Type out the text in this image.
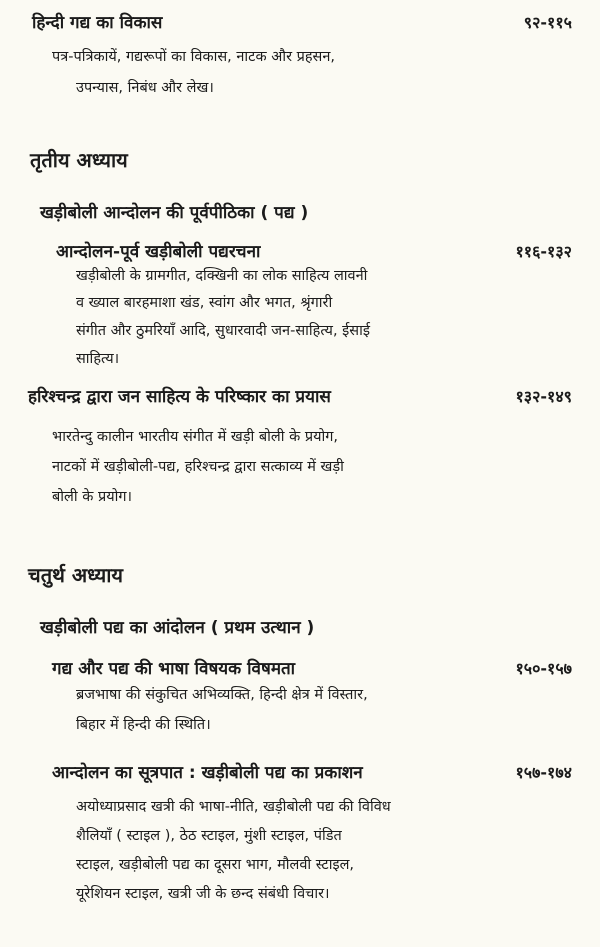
हिन्दी गद्य का विकास	९२-११५
पत्र-पत्रिकायें, गद्यरूपों का विकास, नाटक और प्रहसन,
उपन्यास, निबंध और लेख।
तृतीय अध्याय
खड़ीबोली आन्दोलन की पूर्वपीठिका ( पद्य )
आन्दोलन-पूर्व खड़ीबोली पद्यरचना	११६-१३२
खड़ीबोली के ग्रामगीत, दक्खिनी का लोक साहित्य लावनी
व ख्याल बारहमाशा खंड, स्वांग और भगत, श्रृंगारी
संगीत और ठुमरियाँ आदि, सुधारवादी जन-साहित्य, ईसाई
साहित्य।
हरिश्चन्द्र द्वारा जन साहित्य के परिष्कार का प्रयास	१३२-१४९
भारतेन्दु कालीन भारतीय संगीत में खड़ी बोली के प्रयोग,
नाटकों में खड़ीबोली-पद्य, हरिश्चन्द्र द्वारा सत्काव्य में खड़ी
बोली के प्रयोग।
चतुर्थ अध्याय
खड़ीबोली पद्य का आंदोलन ( प्रथम उत्थान )
गद्य और पद्य की भाषा विषयक विषमता	१५०-१५७
ब्रजभाषा की संकुचित अभिव्यक्ति, हिन्दी क्षेत्र में विस्तार,
बिहार में हिन्दी की स्थिति।
आन्दोलन का सूत्रपात : खड़ीबोली पद्य का प्रकाशन	१५७-१७४
अयोध्याप्रसाद खत्री की भाषा-नीति, खड़ीबोली पद्य की विविध
शैलियाँ ( स्टाइल ), ठेठ स्टाइल, मुंशी स्टाइल, पंडित
स्टाइल, खड़ीबोली पद्य का दूसरा भाग, मौलवी स्टाइल,
यूरेशियन स्टाइल, खत्री जी के छन्द संबंधी विचार।
